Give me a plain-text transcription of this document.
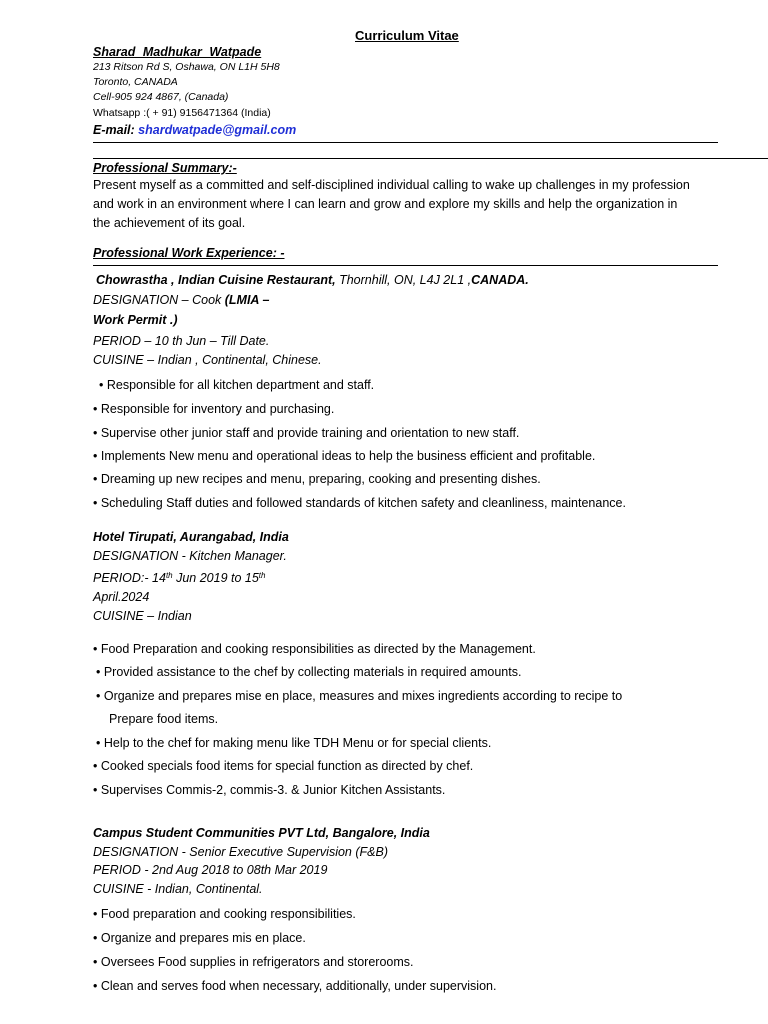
Curriculum Vitae
Sharad Madhukar Watpade
213 Ritson Rd S, Oshawa, ON L1H 5H8
Toronto, CANADA
Cell-905 924 4867, (Canada)
Whatsapp :( + 91) 9156471364 (India)
E-mail: shardwatpade@gmail.com
Professional Summary:-
Present myself as a committed and self-disciplined individual calling to wake up challenges in my profession
and work in an environment where I can learn and grow and explore my skills and help the organization in
the achievement of its goal.
Professional Work Experience: -
Chowrastha , Indian Cuisine Restaurant, Thornhill, ON, L4J 2L1 ,CANADA.
DESIGNATION – Cook (LMIA –
Work Permit .)
PERIOD – 10 th Jun – Till Date.
CUISINE – Indian , Continental, Chinese.
• Responsible for all kitchen department and staff.
• Responsible for inventory and purchasing.
• Supervise other junior staff and provide training and orientation to new staff.
• Implements New menu and operational ideas to help the business efficient and profitable.
• Dreaming up new recipes and menu, preparing, cooking and presenting dishes.
• Scheduling Staff duties and followed standards of kitchen safety and cleanliness, maintenance.
Hotel Tirupati, Aurangabad, India
DESIGNATION - Kitchen Manager.
PERIOD:- 14th Jun 2019 to 15th
April.2024
CUISINE – Indian
• Food Preparation and cooking responsibilities as directed by the Management.
• Provided assistance to the chef by collecting materials in required amounts.
• Organize and prepares mise en place, measures and mixes ingredients according to recipe to
Prepare food items.
• Help to the chef for making menu like TDH Menu or for special clients.
• Cooked specials food items for special function as directed by chef.
• Supervises Commis-2, commis-3. & Junior Kitchen Assistants.
Campus Student Communities PVT Ltd, Bangalore, India
DESIGNATION - Senior Executive Supervision (F&B)
PERIOD - 2nd Aug 2018 to 08th Mar 2019
CUISINE - Indian, Continental.
• Food preparation and cooking responsibilities.
• Organize and prepares mis en place.
• Oversees Food supplies in refrigerators and storerooms.
• Clean and serves food when necessary, additionally, under supervision.
